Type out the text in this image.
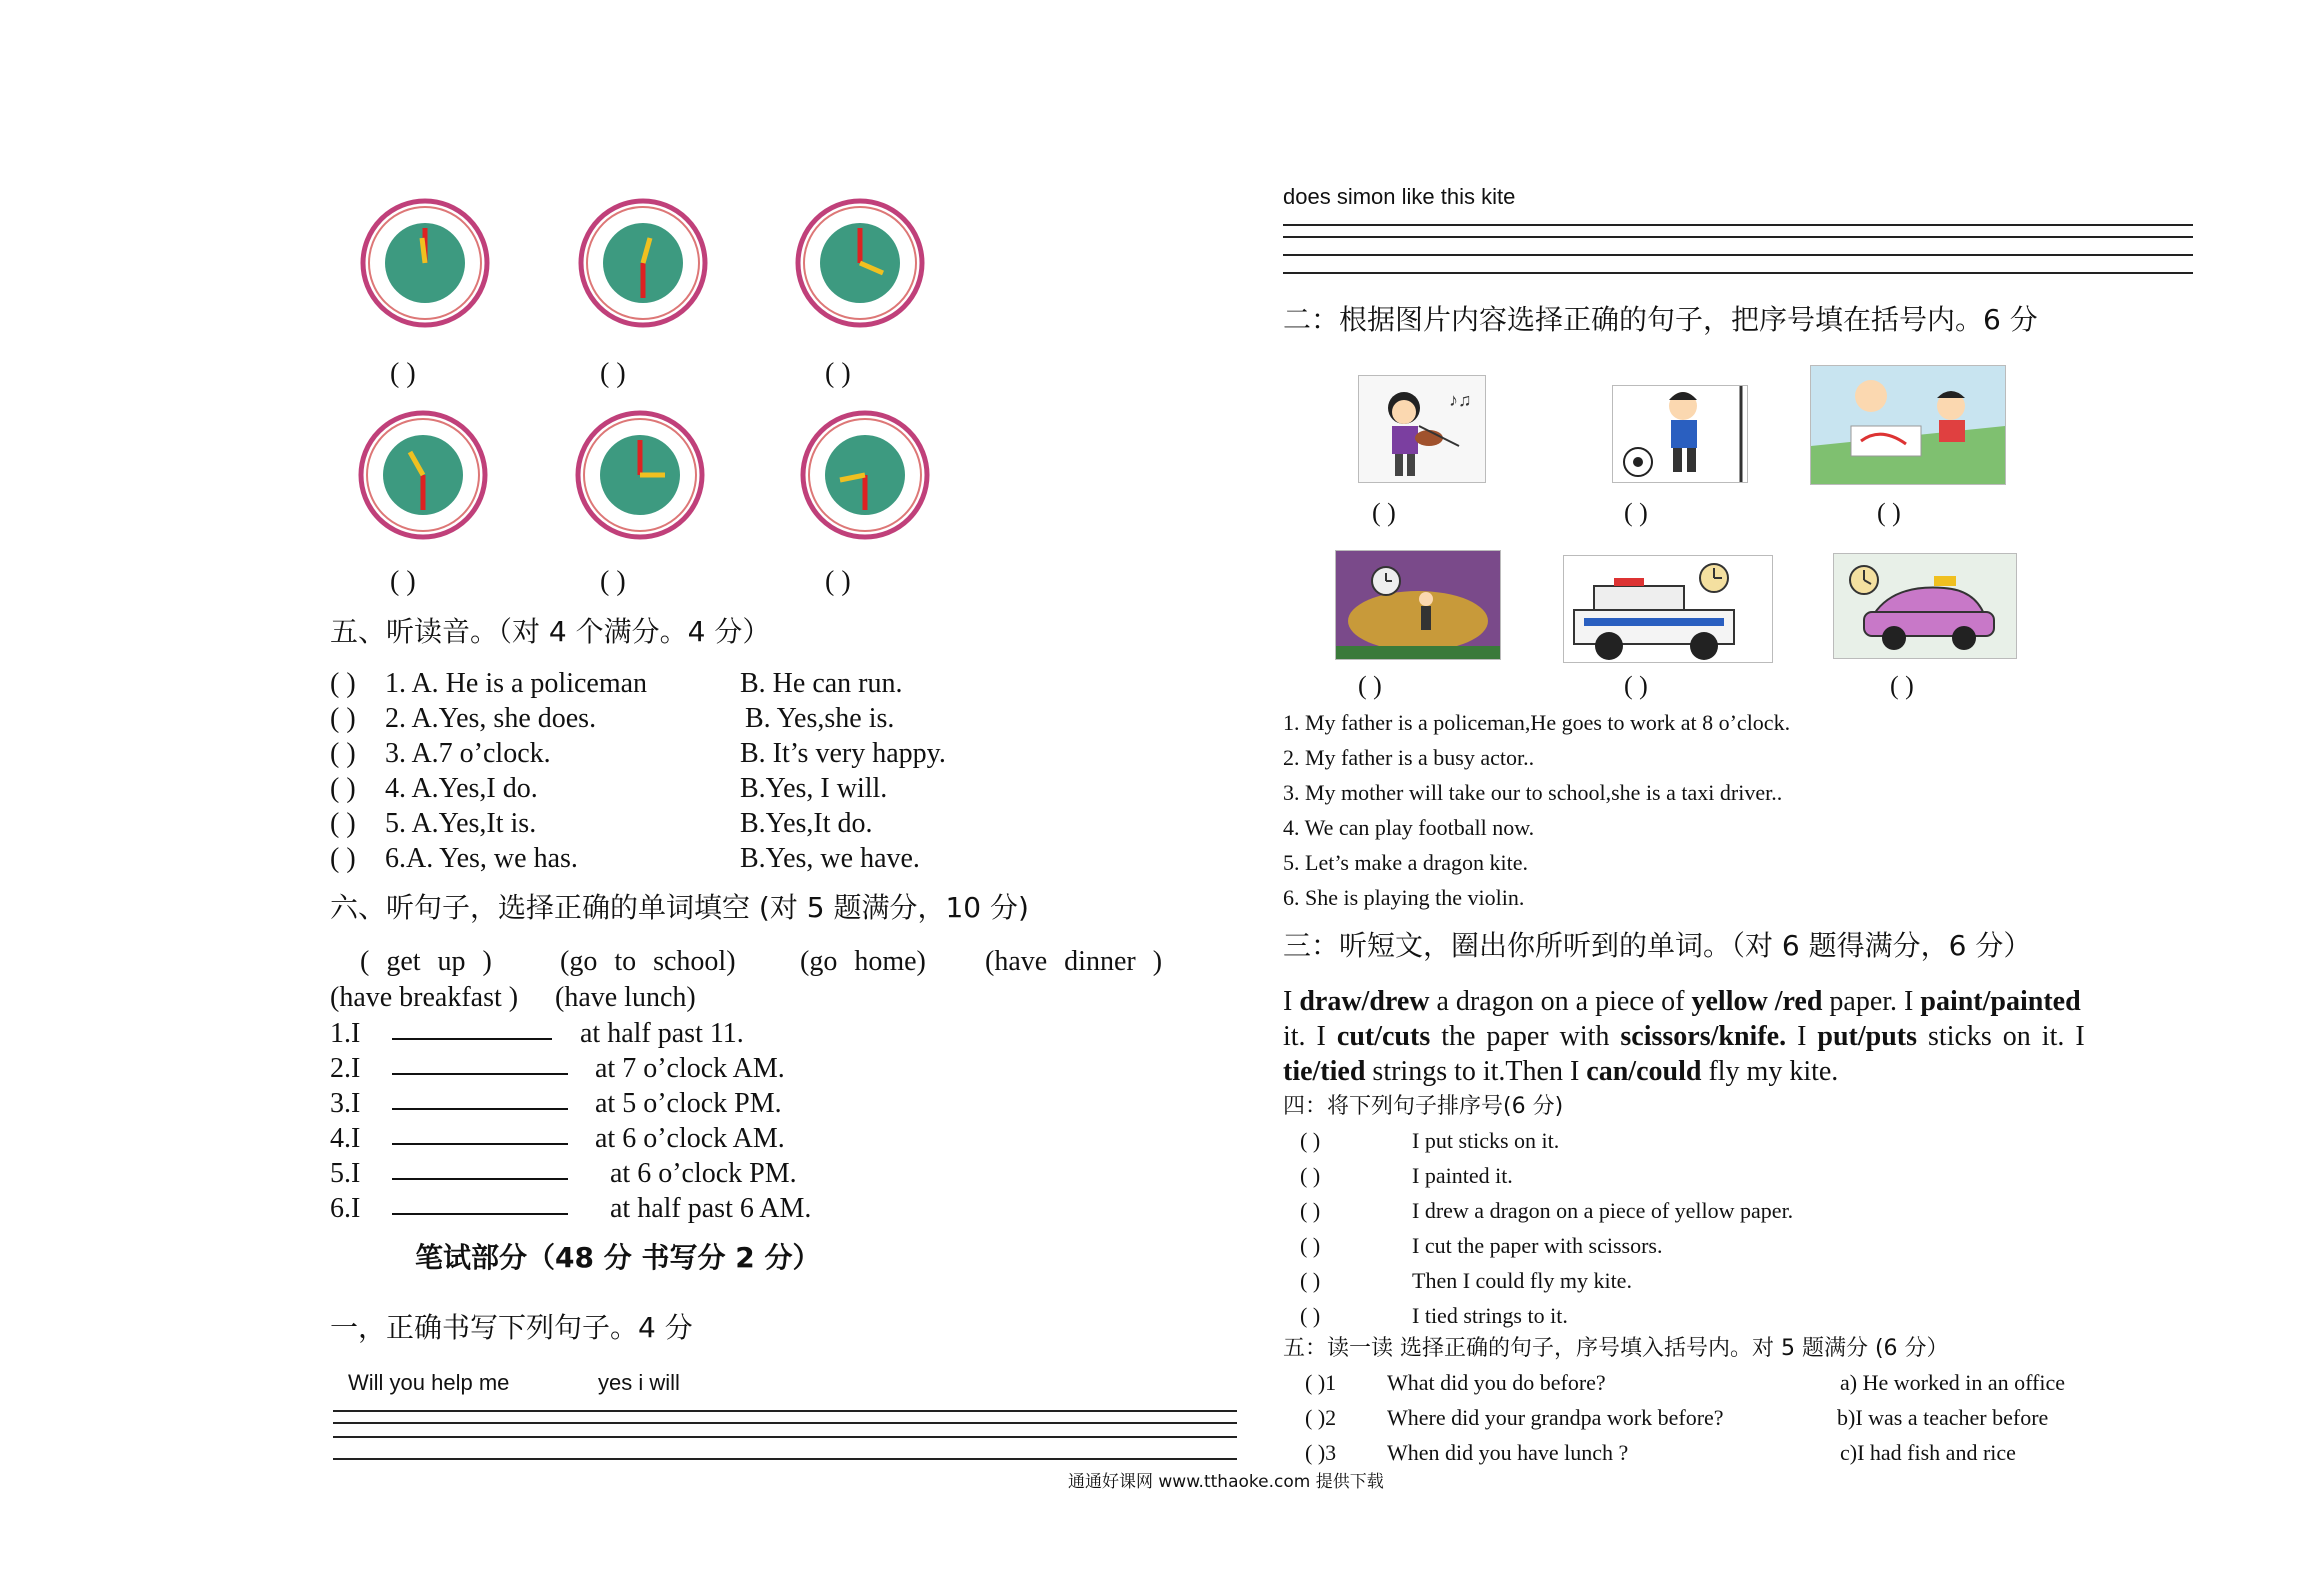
( )	( )	( )
( )	( )	( )
五、听读音。（对 4 个满分。4 分）
( ) 1. A. He is a policeman	B. He can run.
( ) 2. A.Yes, she does.	B. Yes,she is.
( ) 3. A.7 o’clock.	B. It’s very happy.
( ) 4. A.Yes,I do.	B.Yes, I will.
( ) 5. A.Yes,It is.	B.Yes,It do.
( ) 6.A. Yes, we has.	B.Yes, we have.
六、听句子，选择正确的单词填空 (对 5 题满分，10 分)
( get up ) (go to school) (go home) (have dinner )
(have breakfast ) (have lunch)
1.I	at half past 11.
2.I	at 7 o’clock AM.
3.I	at 5 o’clock PM.
4.I	at 6 o’clock AM.
5.I	at 6 o’clock PM.
6.I	at half past 6 AM.
笔试部分（48 分 书写分 2 分）
一，正确书写下列句子。4 分
Will you help me	yes i will
does simon like this kite
二：根据图片内容选择正确的句子，把序号填在括号内。6 分
♪♫
( )	( )	( )
( )	( )	( )
1. My father is a policeman,He goes to work at 8 o’clock.
2. My father is a busy actor..
3. My mother will take our to school,she is a taxi driver..
4. We can play football now.
5. Let’s make a dragon kite.
6. She is playing the violin.
三：听短文，圈出你所听到的单词。（对 6 题得满分，6 分）
I draw/drew a dragon on a piece of yellow /red paper. I paint/painted
it. I cut/cuts the paper with scissors/knife. I put/puts sticks on it. I
tie/tied strings to it.Then I can/could fly my kite.
四：将下列句子排序号(6 分)
( )	I put sticks on it.
( )	I painted it.
( )	I drew a dragon on a piece of yellow paper.
( )	I cut the paper with scissors.
( )	Then I could fly my kite.
( )	I tied strings to it.
五：读一读 选择正确的句子，序号填入括号内。对 5 题满分 (6 分）
( )1 What did you do before?	a) He worked in an office
( )2 Where did your grandpa work before?	b)I was a teacher before
( )3 When did you have lunch ?	c)I had fish and rice
通通好课网 www.tthaoke.com 提供下载
